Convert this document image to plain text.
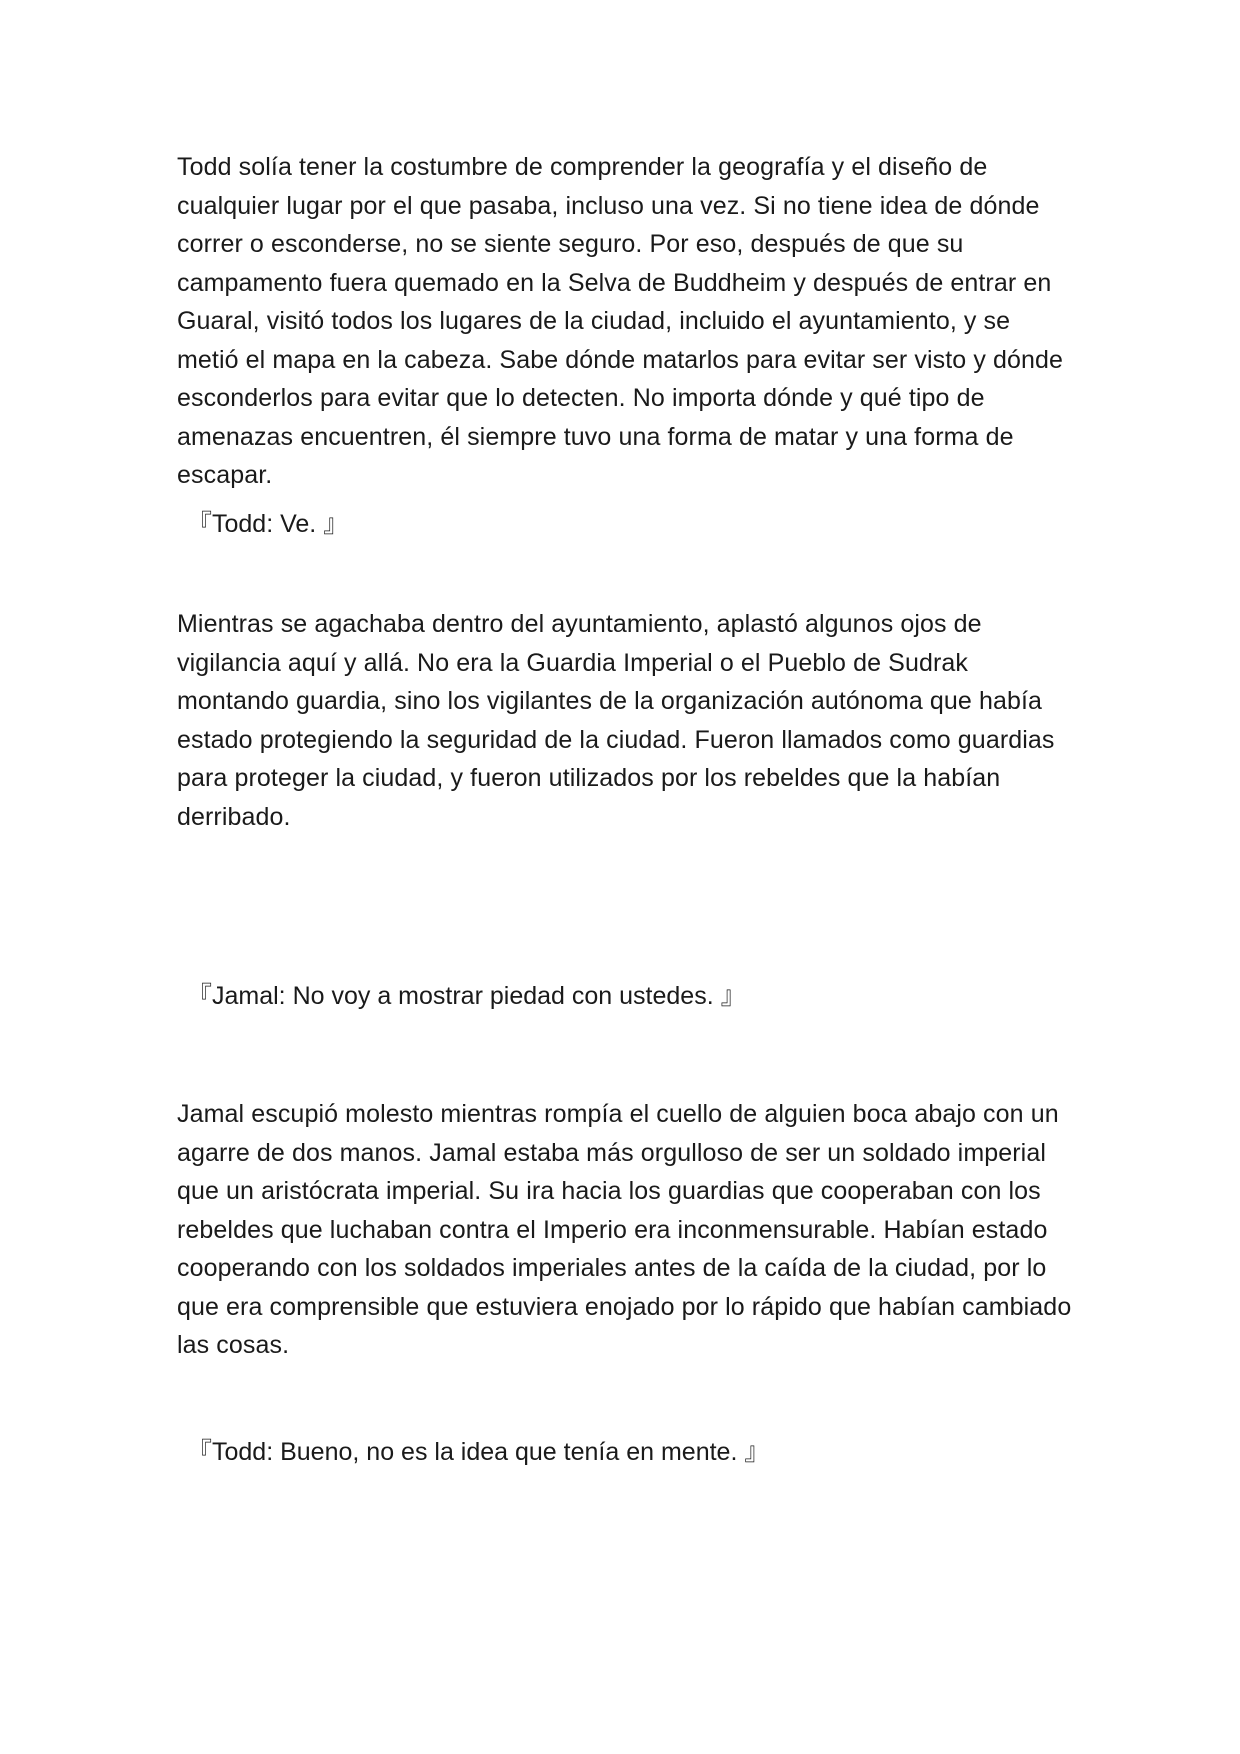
Todd solía tener la costumbre de comprender la geografía y el diseño de cualquier lugar por el que pasaba, incluso una vez. Si no tiene idea de dónde correr o esconderse, no se siente seguro. Por eso, después de que su campamento fuera quemado en la Selva de Buddheim y después de entrar en Guaral, visitó todos los lugares de la ciudad, incluido el ayuntamiento, y se metió el mapa en la cabeza. Sabe dónde matarlos para evitar ser visto y dónde esconderlos para evitar que lo detecten. No importa dónde y qué tipo de amenazas encuentren, él siempre tuvo una forma de matar y una forma de escapar.

『Todd: Ve. 』

Mientras se agachaba dentro del ayuntamiento, aplastó algunos ojos de vigilancia aquí y allá. No era la Guardia Imperial o el Pueblo de Sudrak montando guardia, sino los vigilantes de la organización autónoma que había estado protegiendo la seguridad de la ciudad. Fueron llamados como guardias para proteger la ciudad, y fueron utilizados por los rebeldes que la habían derribado.

『Jamal: No voy a mostrar piedad con ustedes. 』

Jamal escupió molesto mientras rompía el cuello de alguien boca abajo con un agarre de dos manos. Jamal estaba más orgulloso de ser un soldado imperial que un aristócrata imperial. Su ira hacia los guardias que cooperaban con los rebeldes que luchaban contra el Imperio era inconmensurable. Habían estado cooperando con los soldados imperiales antes de la caída de la ciudad, por lo que era comprensible que estuviera enojado por lo rápido que habían cambiado las cosas.

『Todd: Bueno, no es la idea que tenía en mente. 』
